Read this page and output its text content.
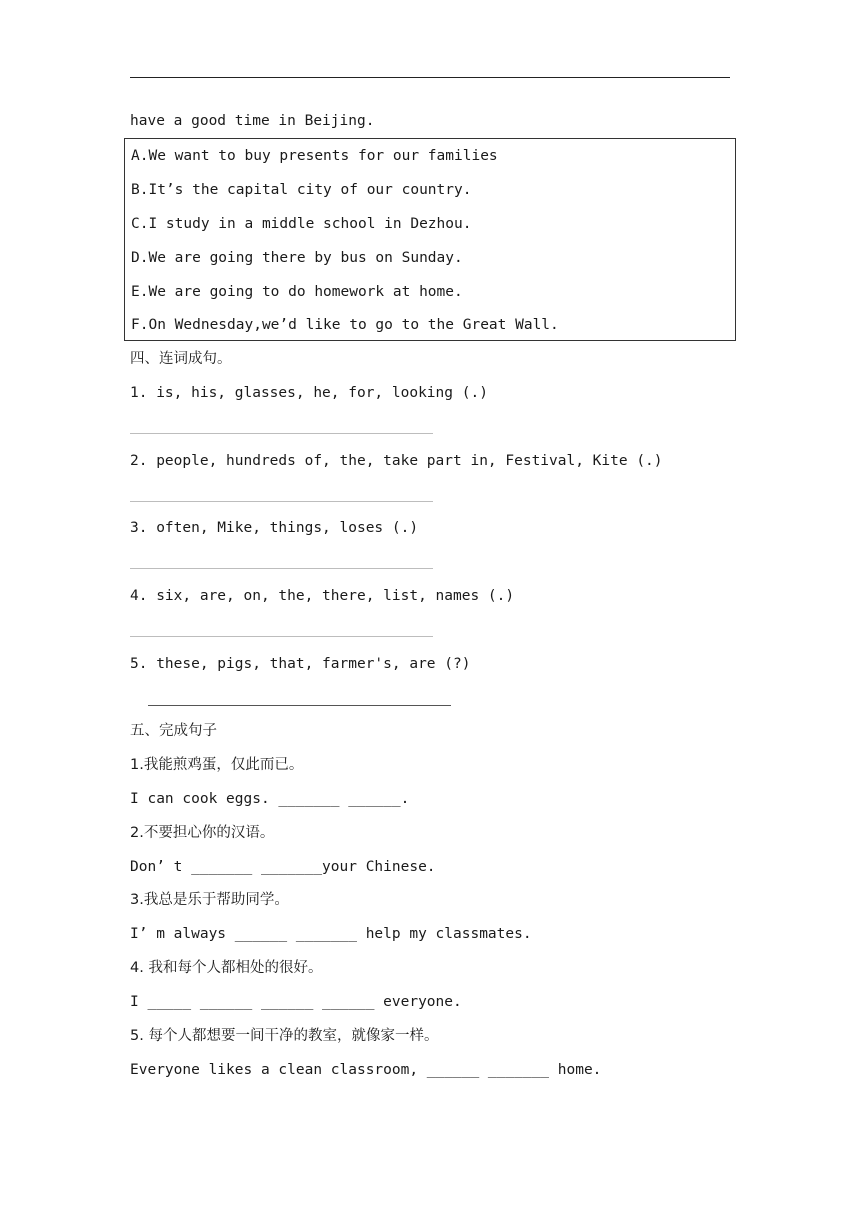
have a good time in Beijing.
A.We want to buy presents for our families
B.It’s the capital city of our country.
C.I study in a middle school in Dezhou.
D.We are going there by bus on Sunday.
E.We are going to do homework at home.
F.On Wednesday,we’d like to go to the Great Wall.
四、连词成句。
1. is, his, glasses, he, for, looking (.)
2. people, hundreds of, the, take part in, Festival, Kite (.)
3. often, Mike, things, loses (.)
4. six, are, on, the, there, list, names (.)
5. these, pigs, that, farmer's, are (?)
五、完成句子
1.我能煎鸡蛋，仅此而已。
I can cook eggs. _______ ______.
2.不要担心你的汉语。
Don’ t _______ _______your Chinese.
3.我总是乐于帮助同学。
I’ m always ______ _______ help my classmates.
4. 我和每个人都相处的很好。
I _____ ______ ______ ______ everyone.
5. 每个人都想要一间干净的教室，就像家一样。
Everyone likes a clean classroom, ______ _______ home.
